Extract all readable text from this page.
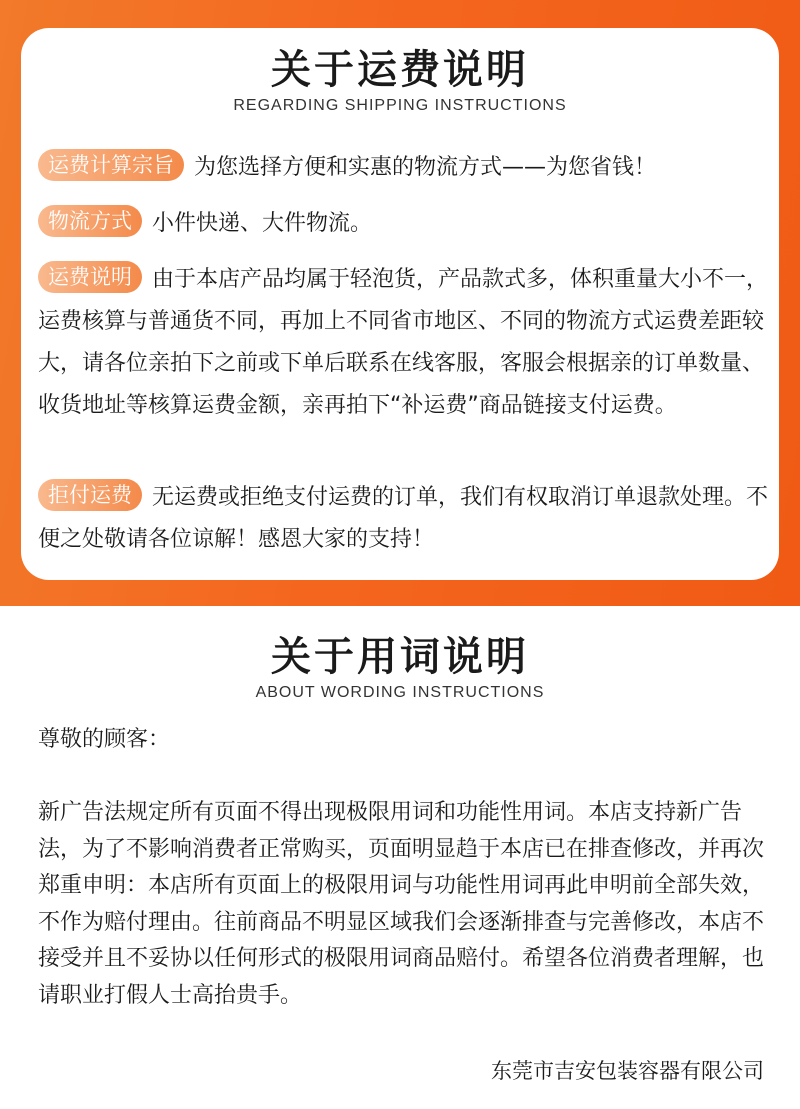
关于运费说明
REGARDING SHIPPING INSTRUCTIONS
运费计算宗旨 为您选择方便和实惠的物流方式——为您省钱！
物流方式 小件快递、大件物流。
运费说明 由于本店产品均属于轻泡货，产品款式多，体积重量大小不一，运费核算与普通货不同，再加上不同省市地区、不同的物流方式运费差距较大，请各位亲拍下之前或下单后联系在线客服，客服会根据亲的订单数量、收货地址等核算运费金额，亲再拍下“补运费”商品链接支付运费。
拒付运费 无运费或拒绝支付运费的订单，我们有权取消订单退款处理。不便之处敬请各位谅解！感恩大家的支持！
关于用词说明
ABOUT WORDING INSTRUCTIONS
尊敬的顾客：
新广告法规定所有页面不得出现极限用词和功能性用词。本店支持新广告法，为了不影响消费者正常购买，页面明显趋于本店已在排查修改，并再次郑重申明：本店所有页面上的极限用词与功能性用词再此申明前全部失效，不作为赔付理由。往前商品不明显区域我们会逐渐排查与完善修改，本店不接受并且不妥协以任何形式的极限用词商品赔付。希望各位消费者理解，也请职业打假人士高抬贵手。
东莞市吉安包装容器有限公司
